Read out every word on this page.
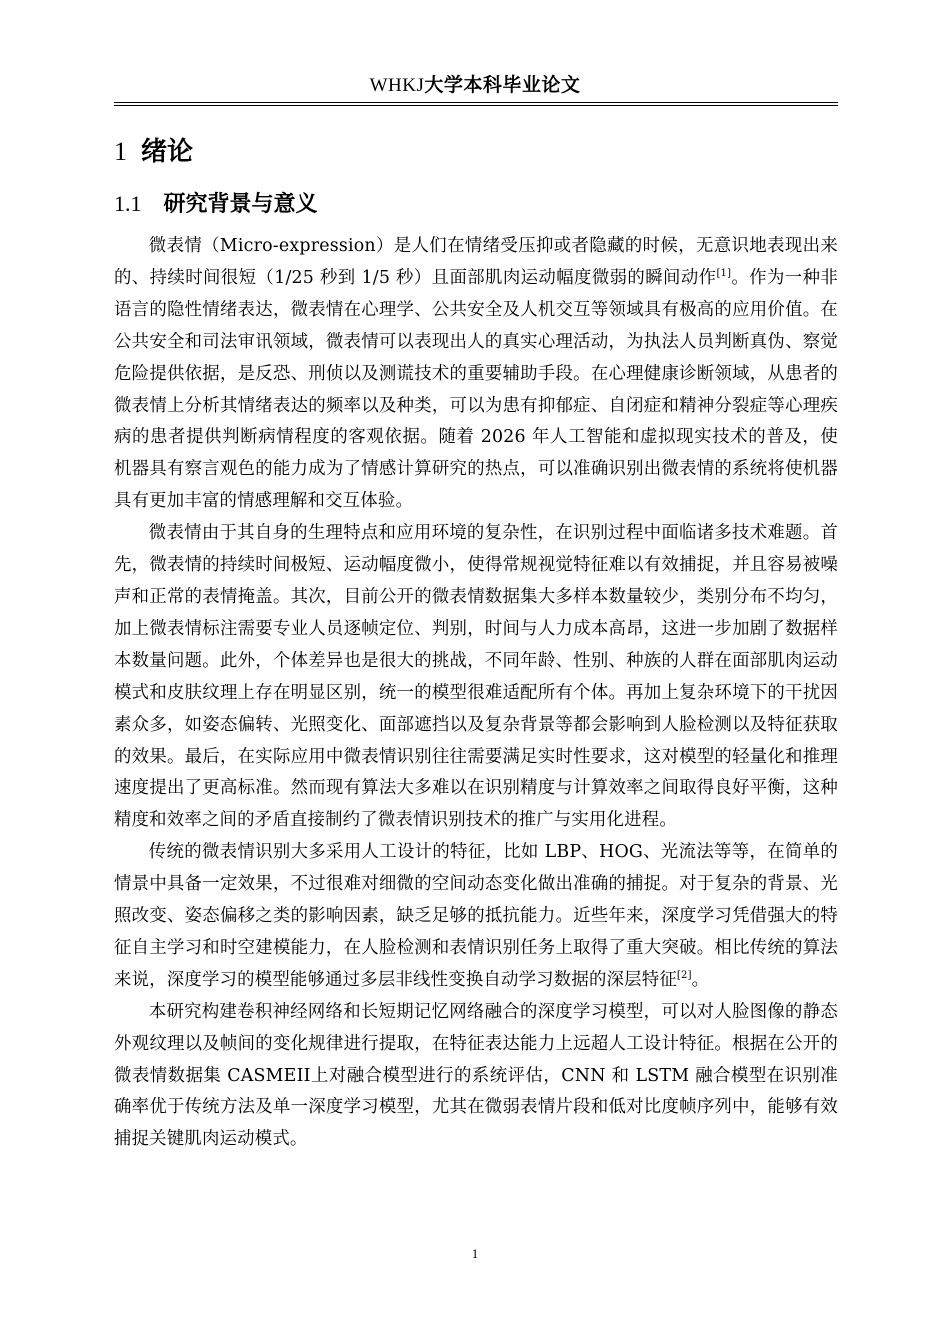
WHKJ大学本科毕业论文
1 绪论
1.1 研究背景与意义

微表情（Micro-expression）是人们在情绪受压抑或者隐藏的时候，无意识地表现出来的、持续时间很短（1/25 秒到 1/5 秒）且面部肌肉运动幅度微弱的瞬间动作[1]。作为一种非语言的隐性情绪表达，微表情在心理学、公共安全及人机交互等领域具有极高的应用价值。在公共安全和司法审讯领域，微表情可以表现出人的真实心理活动，为执法人员判断真伪、察觉危险提供依据，是反恐、刑侦以及测谎技术的重要辅助手段。在心理健康诊断领域，从患者的微表情上分析其情绪表达的频率以及种类，可以为患有抑郁症、自闭症和精神分裂症等心理疾病的患者提供判断病情程度的客观依据。随着 2026 年人工智能和虚拟现实技术的普及，使机器具有察言观色的能力成为了情感计算研究的热点，可以准确识别出微表情的系统将使机器具有更加丰富的情感理解和交互体验。

微表情由于其自身的生理特点和应用环境的复杂性，在识别过程中面临诸多技术难题。首先，微表情的持续时间极短、运动幅度微小，使得常规视觉特征难以有效捕捉，并且容易被噪声和正常的表情掩盖。其次，目前公开的微表情数据集大多样本数量较少，类别分布不均匀，加上微表情标注需要专业人员逐帧定位、判别，时间与人力成本高昂，这进一步加剧了数据样本数量问题。此外，个体差异也是很大的挑战，不同年龄、性别、种族的人群在面部肌肉运动模式和皮肤纹理上存在明显区别，统一的模型很难适配所有个体。再加上复杂环境下的干扰因素众多，如姿态偏转、光照变化、面部遮挡以及复杂背景等都会影响到人脸检测以及特征获取的效果。最后，在实际应用中微表情识别往往需要满足实时性要求，这对模型的轻量化和推理速度提出了更高标准。然而现有算法大多难以在识别精度与计算效率之间取得良好平衡，这种精度和效率之间的矛盾直接制约了微表情识别技术的推广与实用化进程。

传统的微表情识别大多采用人工设计的特征，比如 LBP、HOG、光流法等等，在简单的情景中具备一定效果，不过很难对细微的空间动态变化做出准确的捕捉。对于复杂的背景、光照改变、姿态偏移之类的影响因素，缺乏足够的抵抗能力。近些年来，深度学习凭借强大的特征自主学习和时空建模能力，在人脸检测和表情识别任务上取得了重大突破。相比传统的算法来说，深度学习的模型能够通过多层非线性变换自动学习数据的深层特征[2]。

本研究构建卷积神经网络和长短期记忆网络融合的深度学习模型，可以对人脸图像的静态外观纹理以及帧间的变化规律进行提取，在特征表达能力上远超人工设计特征。根据在公开的微表情数据集 CASMEII上对融合模型进行的系统评估，CNN 和 LSTM 融合模型在识别准确率优于传统方法及单一深度学习模型，尤其在微弱表情片段和低对比度帧序列中，能够有效捕捉关键肌肉运动模式。

1
